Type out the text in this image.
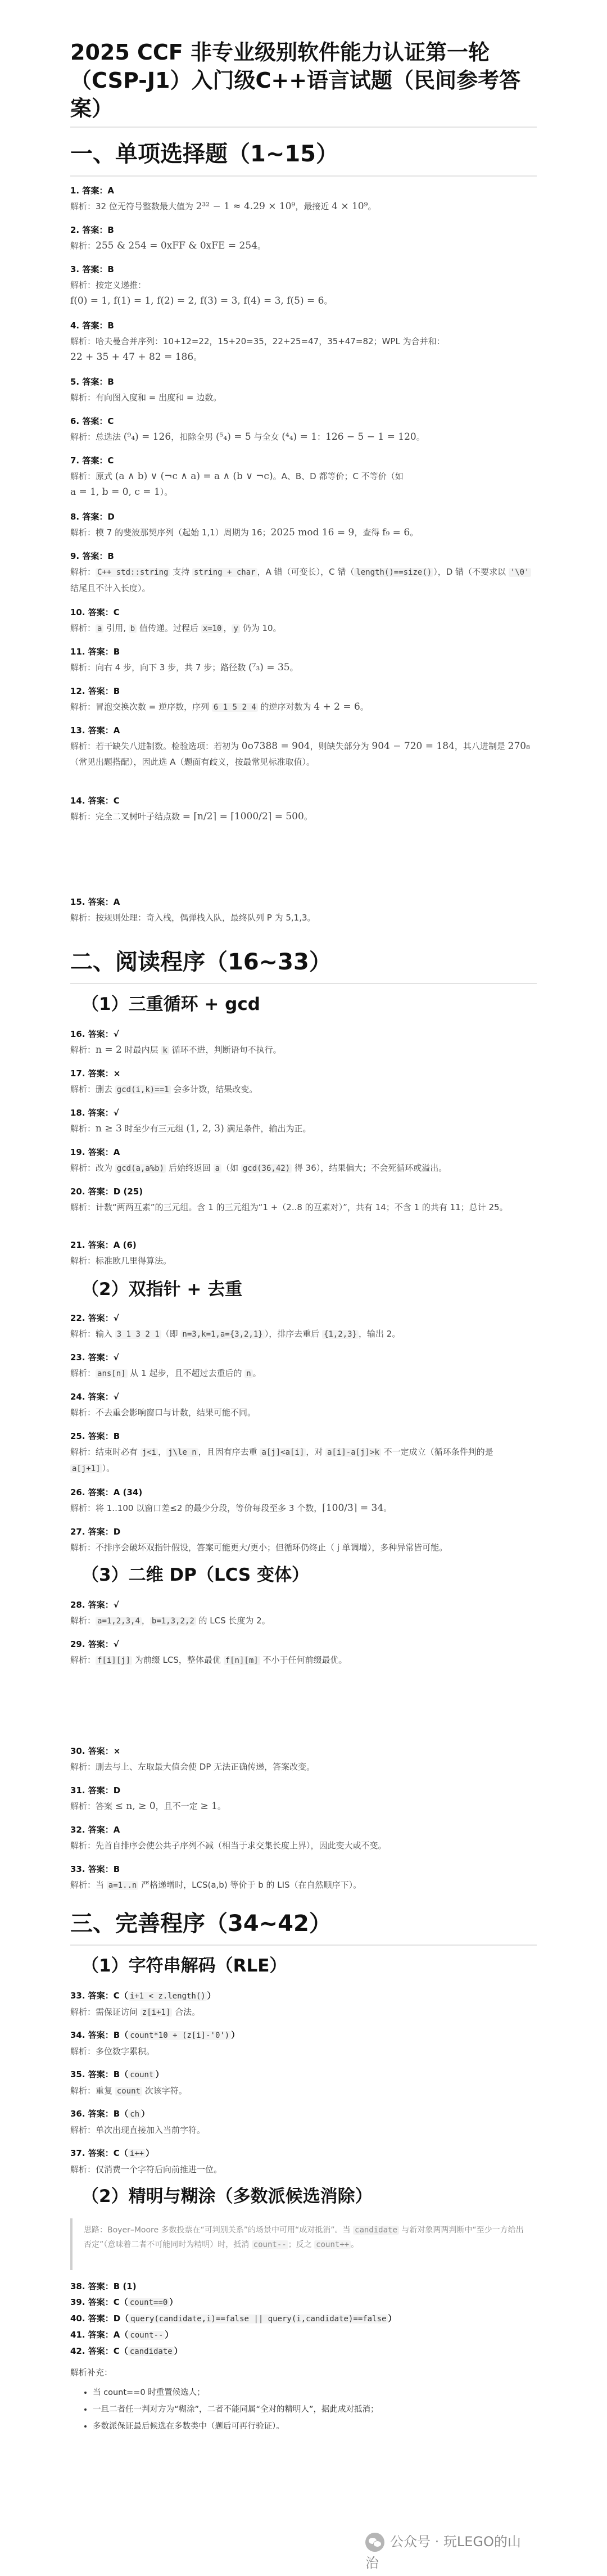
2025 CCF 非专业级别软件能力认证第一轮（CSP-J1）入门级C++语言试题（民间参考答案）
一、单项选择题（1~15）
1. 答案：A
解析：32 位无符号整数最大值为 2³² − 1 ≈ 4.29 × 10⁹，最接近 4 × 10⁹。
2. 答案：B
解析：255 & 254 = 0xFF & 0xFE = 254。
3. 答案：B
解析：按定义递推：
f(0) = 1, f(1) = 1, f(2) = 2, f(3) = 3, f(4) = 3, f(5) = 6。
4. 答案：B
解析：哈夫曼合并序列：10+12=22，15+20=35，22+25=47，35+47=82；WPL 为合并和：
22 + 35 + 47 + 82 = 186。
5. 答案：B
解析：有向图入度和 = 出度和 = 边数。
6. 答案：C
解析：总选法 (⁹₄) = 126，扣除全男 (⁵₄) = 5 与全女 (⁴₄) = 1：126 − 5 − 1 = 120。
7. 答案：C
解析：原式 (a ∧ b) ∨ (¬c ∧ a) = a ∧ (b ∨ ¬c)。A、B、D 都等价；C 不等价（如
a = 1, b = 0, c = 1）。
8. 答案：D
解析：模 7 的斐波那契序列（起始 1,1）周期为 16；2025 mod 16 = 9，查得 f₉ = 6。
9. 答案：B
解析： C++ std::string 支持 string + char ，A 错（可变长），C 错（ length()==size() ），D 错（不要求以 '\0' 结尾且不计入长度）。
10. 答案：C
解析： a 引用, b 值传递。过程后 x=10 ， y 仍为 10。
11. 答案：B
解析：向右 4 步，向下 3 步，共 7 步；路径数 (⁷₃) = 35。
12. 答案：B
解析：冒泡交换次数 = 逆序数，序列 6 1 5 2 4 的逆序对数为 4 + 2 = 6。
13. 答案：A
解析：若干缺失八进制数。检验选项：若初为 0o7388 = 904，则缺失部分为 904 − 720 = 184，其八进制是 270₈（常见出题搭配），因此选 A（题面有歧义，按最常见标准取值）。
14. 答案：C
解析：完全二叉树叶子结点数 = ⌈n/2⌉ = ⌈1000/2⌉ = 500。
15. 答案：A
解析：按规则处理：奇入栈，偶弹栈入队，最终队列 P 为 5,1,3。
二、阅读程序（16~33）
（1）三重循环 + gcd
16. 答案：√
解析：n = 2 时最内层 k 循环不进，判断语句不执行。
17. 答案：×
解析：删去 gcd(i,k)==1 会多计数，结果改变。
18. 答案：√
解析：n ≥ 3 时至少有三元组 (1, 2, 3) 满足条件，输出为正。
19. 答案：A
解析：改为 gcd(a,a%b) 后始终返回 a （如 gcd(36,42) 得 36），结果偏大；不会死循环或溢出。
20. 答案：D (25)
解析：计数“两两互素”的三元组。含 1 的三元组为“1 +（2..8 的互素对）”，共有 14；不含 1 的共有 11；总计 25。
21. 答案：A (6)
解析：标准欧几里得算法。
（2）双指针 + 去重
22. 答案：√
解析：输入 3 1 3 2 1 （即 n=3,k=1,a={3,2,1} ），排序去重后 {1,2,3} ，输出 2。
23. 答案：√
解析： ans[n] 从 1 起步，且不超过去重后的 n 。
24. 答案：√
解析：不去重会影响窗口与计数，结果可能不同。
25. 答案：B
解析：结束时必有 j<i ， j\le n ，且因有序去重 a[j]<a[i] ，对 a[i]-a[j]>k 不一定成立（循环条件判的是 a[j+1] ）。
26. 答案：A (34)
解析：将 1..100 以窗口差≤2 的最少分段，等价每段至多 3 个数，⌈100/3⌉ = 34。
27. 答案：D
解析：不排序会破坏双指针假设，答案可能更大/更小；但循环仍终止（ j 单调增），多种异常皆可能。
（3）二维 DP（LCS 变体）
28. 答案：√
解析： a=1,2,3,4 ， b=1,3,2,2 的 LCS 长度为 2。
29. 答案：√
解析： f[i][j] 为前缀 LCS，整体最优 f[n][m] 不小于任何前缀最优。
30. 答案：×
解析：删去与上、左取最大值会使 DP 无法正确传递，答案改变。
31. 答案：D
解析：答案 ≤ n, ≥ 0，且不一定 ≥ 1。
32. 答案：A
解析：先首自排序会使公共子序列不减（相当于求交集长度上界），因此变大或不变。
33. 答案：B
解析：当 a=1..n 严格递增时，LCS(a,b) 等价于 b 的 LIS（在自然顺序下）。
三、完善程序（34~42）
（1）字符串解码（RLE）
33. 答案：C（ i+1 < z.length() ）
解析：需保证访问 z[i+1] 合法。
34. 答案：B（ count*10 + (z[i]-'0') ）
解析：多位数字累积。
35. 答案：B（ count ）
解析：重复 count 次该字符。
36. 答案：B（ ch ）
解析：单次出现直接加入当前字符。
37. 答案：C（ i++ ）
解析：仅消费一个字符后向前推进一位。
（2）精明与糊涂（多数派候选消除）
思路：Boyer–Moore 多数投票在“可判别关系”的场景中可用“成对抵消”。当 candidate 与新对象两两判断中“至少一方给出否定”（意味着二者不可能同时为精明）时，抵消 count-- ；反之 count++ 。
38. 答案：B (1)
39. 答案：C（ count==0 ）
40. 答案：D（ query(candidate,i)==false || query(i,candidate)==false ）
41. 答案：A（ count-- ）
42. 答案：C（ candidate ）
解析补充：
• 当 count==0 时重置候选人；
• 一旦二者任一判对方为“糊涂”，二者不能同属“全对的精明人”，据此成对抵消；
• 多数派保证最后候选在多数类中（题后可再行验证）。
公众号 · 玩LEGO的山治
